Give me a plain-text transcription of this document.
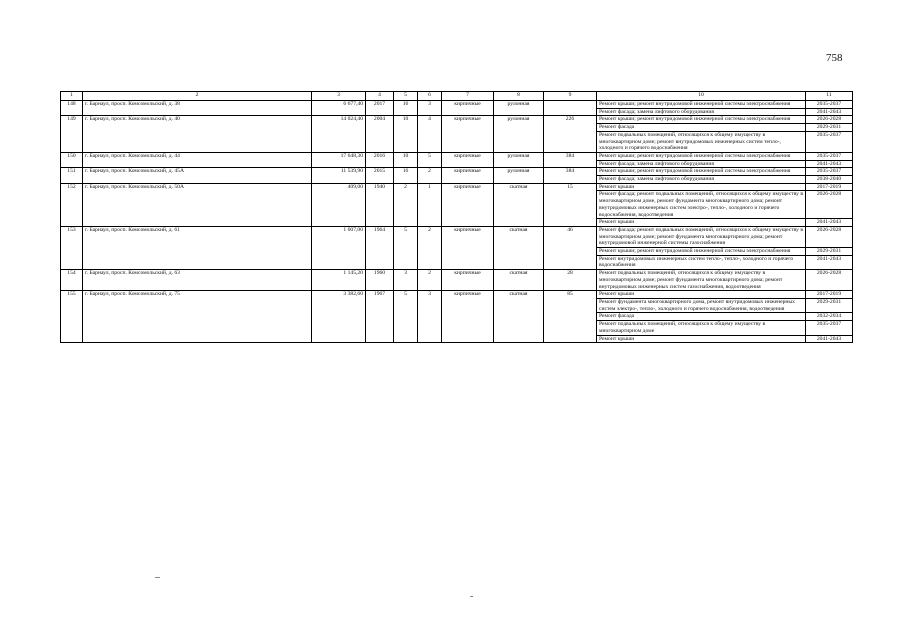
758
1	2	3	4	5	6	7	8	9	10	11
148	г. Барнаул, просп. Комсомольский, д. 38	6 677,40	2017	16	3	кирпичные	рулонная		Ремонт крыши; ремонт внутридомовой инженерной системы электроснабжения	2035-2037
									Ремонт фасада; замена лифтового оборудования	2041-2043
149	г. Барнаул, просп. Комсомольский, д. 40	14 024,40	2004	10	4	кирпичные	рулонная	226	Ремонт крыши; ремонт внутридомовой инженерной системы электроснабжения	2026-2028
									Ремонт фасада	2029-2031
									Ремонт подвальных помещений, относящихся к общему имуществу в многоквартирном доме; ремонт внутридомовых инженерных систем тепло-, холодного и горячего водоснабжения	2035-2037
150	г. Барнаул, просп. Комсомольский, д. 44	17 648,30	2016	10	5	кирпичные	рулонная	384	Ремонт крыши; ремонт внутридомовой инженерной системы электроснабжения	2035-2037
									Ремонт фасада; замена лифтового оборудования	2041-2043
151	г. Барнаул, просп. Комсомольский, д. 45А	11 539,90	2015	16	2	кирпичные	рулонная	384	Ремонт крыши; ремонт внутридомовой инженерной системы электроснабжения	2035-2037
									Ремонт фасада; замена лифтового оборудования	2038-2040
152	г. Барнаул, просп. Комсомольский, д. 50А	409,00	1940	2	1	кирпичные	скатная	15	Ремонт крыши	2017-2019
									Ремонт фасада; ремонт подвальных помещений, относящихся к общему имуществу в многоквартирном доме, ремонт фундамента многоквартирного дома; ремонт внутридомовых инженерных систем электро-, тепло-, холодного и горячего водоснабжения, водоотведения	2026-2028
									Ремонт крыши	2041-2043
153	г. Барнаул, просп. Комсомольский, д. 61	1 607,00	1964	5	2	кирпичные	скатная	46	Ремонт фасада; ремонт подвальных помещений, относящихся к общему имуществу в многоквартирном доме; ремонт фундамента многоквартирного дома; ремонт внутридомовой инженерной системы газоснабжения	2026-2028
									Ремонт крыши; ремонт внутридомовой инженерной системы электроснабжения	2029-2031
									Ремонт внутридомовых инженерных систем тепло-, тепло-, холодного и горячего водоснабжения	2041-2043
154	г. Барнаул, просп. Комсомольский, д. 63	1 145,20	1960	3	2	кирпичные	скатная	28	Ремонт подвальных помещений, относящихся к общему имуществу в многоквартирном доме; ремонт фундамента многоквартирного дома; ремонт внутридомовых инженерных систем газоснабжения, водоотведения	2026-2028
155	г. Барнаул, просп. Комсомольский, д. 75	3 382,60	1967	5	3	кирпичные	скатная	85	Ремонт крыши	2017-2019
									Ремонт фундамента многоквартирного дома, ремонт внутридомовых инженерных систем электро-, тепло-, холодного и горячего водоснабжения, водоотведения	2029-2031
									Ремонт фасада	2032-2034
									Ремонт подвальных помещений, относящихся к общему имуществу в многоквартирном доме	2035-2037
									Ремонт крыши	2041-2043
